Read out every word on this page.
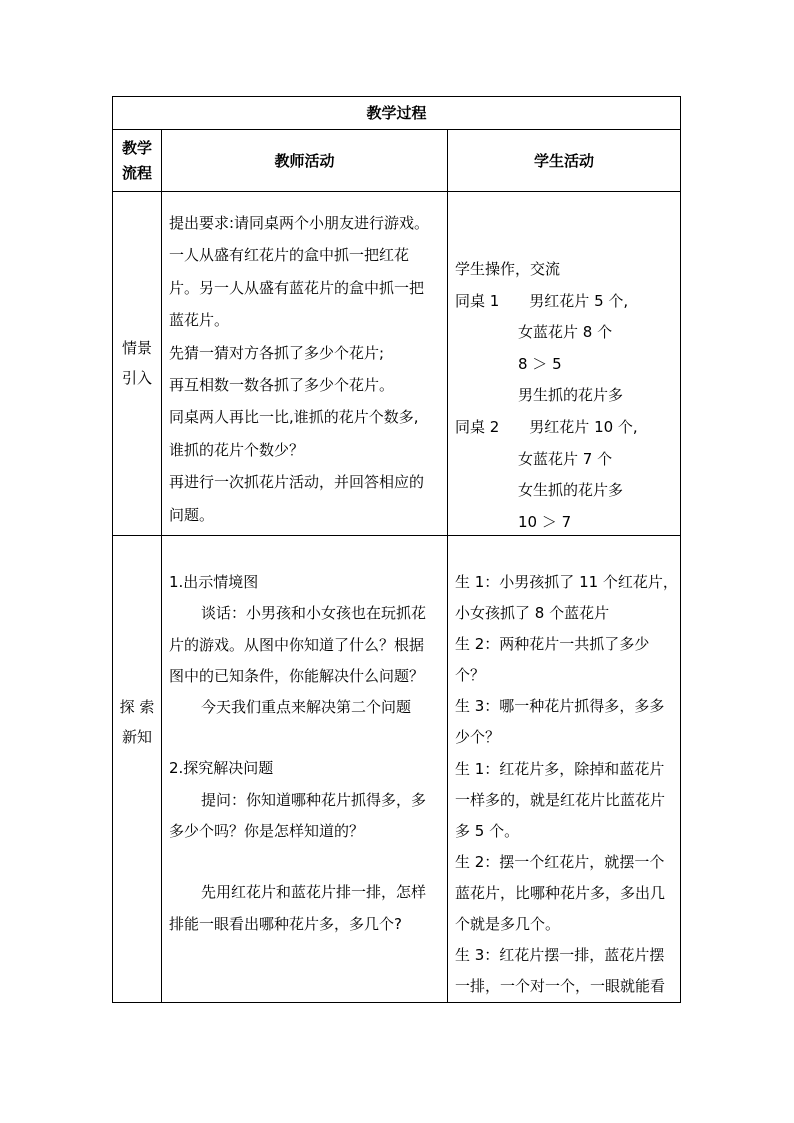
教学过程
教学
流程
教师活动	学生活动
情景
引入
提出要求:请同桌两个小朋友进行游戏。
一人从盛有红花片的盒中抓一把红花
片。另一人从盛有蓝花片的盒中抓一把
蓝花片。
先猜一猜对方各抓了多少个花片;
再互相数一数各抓了多少个花片。
同桌两人再比一比,谁抓的花片个数多,
谁抓的花片个数少？
再进行一次抓花片活动，并回答相应的
问题。
学生操作，交流
同桌 1　　男红花片 5 个,
女蓝花片 8 个
8 ＞ 5
男生抓的花片多
同桌 2　　男红花片 10 个,
女蓝花片 7 个
女生抓的花片多
10 ＞ 7
探 索
新知
1.出示情境图
谈话：小男孩和小女孩也在玩抓花
片的游戏。从图中你知道了什么？根据
图中的已知条件，你能解决什么问题？
今天我们重点来解决第二个问题
2.探究解决问题
提问：你知道哪种花片抓得多，多
多少个吗？你是怎样知道的？
先用红花片和蓝花片排一排，怎样
排能一眼看出哪种花片多，多几个?
生 1：小男孩抓了 11 个红花片，
小女孩抓了 8 个蓝花片
生 2：两种花片一共抓了多少
个？
生 3：哪一种花片抓得多，多多
少个？
生 1：红花片多，除掉和蓝花片
一样多的，就是红花片比蓝花片
多 5 个。
生 2：摆一个红花片，就摆一个
蓝花片，比哪种花片多，多出几
个就是多几个。
生 3：红花片摆一排，蓝花片摆
一排，一个对一个，一眼就能看
